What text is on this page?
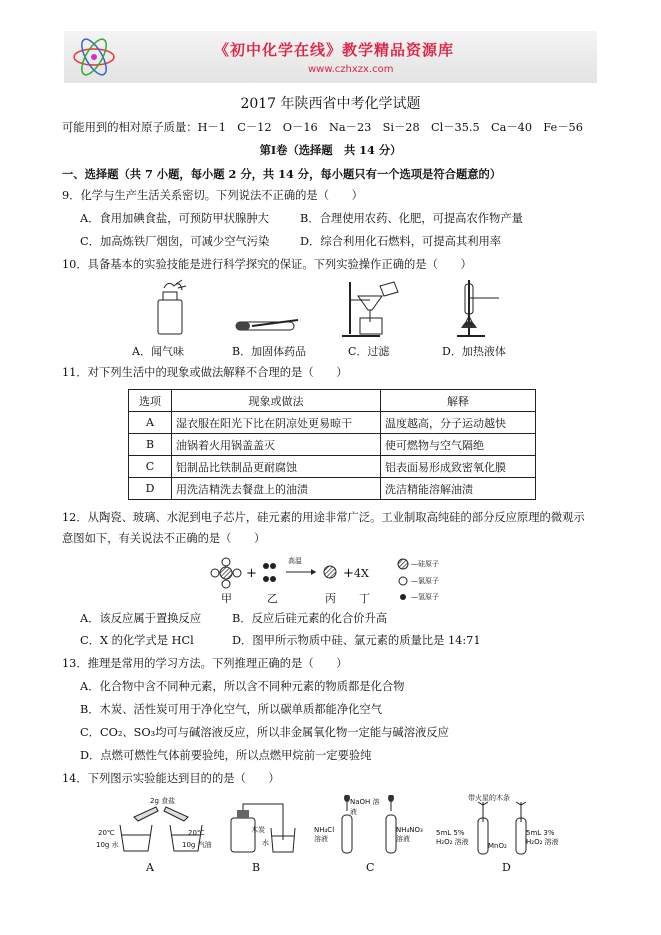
《初中化学在线》教学精品资源库
www.czhxzx.com
2017 年陕西省中考化学试题
可能用到的相对原子质量：H－1　C－12　O－16　Na－23　Si－28　Cl－35.5　Ca－40　Fe－56
第Ⅰ卷（选择题　共 14 分）
一、选择题（共 7 小题，每小题 2 分，共 14 分，每小题只有一个选项是符合题意的）
9．化学与生产生活关系密切。下列说法不正确的是（　　）
A．食用加碘食盐，可预防甲状腺肿大	B．合理使用农药、化肥，可提高农作物产量
C．加高炼铁厂烟囱，可减少空气污染	D．综合利用化石燃料，可提高其利用率
10．具备基本的实验技能是进行科学探究的保证。下列实验操作正确的是（　　）
A．闻气味	B．加固体药品	C．过滤	D．加热液体
11．对下列生活中的现象或做法解释不合理的是（　　）
选项	现象或做法	解释
A	湿衣服在阳光下比在阴凉处更易晾干	温度越高，分子运动越快
B	油锅着火用锅盖盖灭	使可燃物与空气隔绝
C	铝制品比铁制品更耐腐蚀	铝表面易形成致密氧化膜
D	用洗洁精洗去餐盘上的油渍	洗洁精能溶解油渍
12．从陶瓷、玻璃、水泥到电子芯片，硅元素的用途非常广泛。工业制取高纯硅的部分反应原理的微观示
意图如下，有关说法不正确的是（　　）
+	+
高温
4X
甲	乙	丙 丁
—硅原子
—氯原子
—氢原子
A．该反应属于置换反应	B．反应后硅元素的化合价升高
C．X 的化学式是 HCl	D．图甲所示物质中硅、氯元素的质量比是 14:71
13．推理是常用的学习方法。下列推理正确的是（　　）
A．化合物中含不同种元素，所以含不同种元素的物质都是化合物
B．木炭、活性炭可用于净化空气，所以碳单质都能净化空气
C．CO₂、SO₃均可与碱溶液反应，所以非金属氧化物一定能与碱溶液反应
D．点燃可燃性气体前要验纯，所以点燃甲烷前一定要验纯
14．下列图示实验能达到目的的是（　　）
2g 食盐
20℃
10g 水
20℃
10g 汽油
木炭
水
NaOH 溶液
NH₄Cl 溶液
NH₄NO₃ 溶液
带火星的木条
5mL 5% H₂O₂ 溶液	MnO₂
5mL 3% H₂O₂ 溶液
A	B	C	D
